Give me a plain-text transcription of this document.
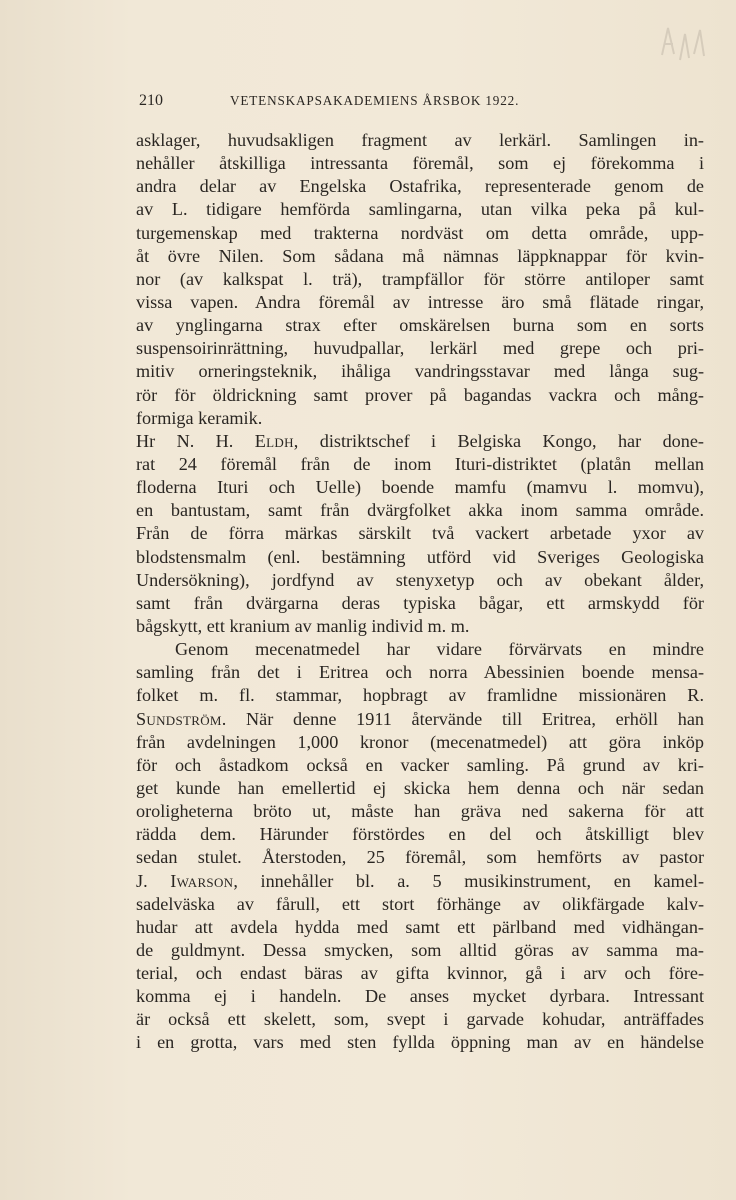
210	VETENSKAPSAKADEMIENS ÅRSBOK 1922.
asklager, huvudsakligen fragment av lerkärl. Samlingen in-
nehåller åtskilliga intressanta föremål, som ej förekomma i
andra delar av Engelska Ostafrika, representerade genom de
av L. tidigare hemförda samlingarna, utan vilka peka på kul-
turgemenskap med trakterna nordväst om detta område, upp-
åt övre Nilen. Som sådana må nämnas läppknappar för kvin-
nor (av kalkspat l. trä), trampfällor för större antiloper samt
vissa vapen. Andra föremål av intresse äro små flätade ringar,
av ynglingarna strax efter omskärelsen burna som en sorts
suspensoirinrättning, huvudpallar, lerkärl med grepe och pri-
mitiv orneringsteknik, ihåliga vandringsstavar med långa sug-
rör för öldrickning samt prover på bagandas vackra och mång-
formiga keramik.
Hr N. H. Eldh, distriktschef i Belgiska Kongo, har done-
rat 24 föremål från de inom Ituri-distriktet (platån mellan
floderna Ituri och Uelle) boende mamfu (mamvu l. momvu),
en bantustam, samt från dvärgfolket akka inom samma område.
Från de förra märkas särskilt två vackert arbetade yxor av
blodstensmalm (enl. bestämning utförd vid Sveriges Geologiska
Undersökning), jordfynd av stenyxetyp och av obekant ålder,
samt från dvärgarna deras typiska bågar, ett armskydd för
bågskytt, ett kranium av manlig individ m. m.
Genom mecenatmedel har vidare förvärvats en mindre
samling från det i Eritrea och norra Abessinien boende mensa-
folket m. fl. stammar, hopbragt av framlidne missionären R.
Sundström. När denne 1911 återvände till Eritrea, erhöll han
från avdelningen 1,000 kronor (mecenatmedel) att göra inköp
för och åstadkom också en vacker samling. På grund av kri-
get kunde han emellertid ej skicka hem denna och när sedan
oroligheterna bröto ut, måste han gräva ned sakerna för att
rädda dem. Härunder förstördes en del och åtskilligt blev
sedan stulet. Återstoden, 25 föremål, som hemförts av pastor
J. Iwarson, innehåller bl. a. 5 musikinstrument, en kamel-
sadelväska av fårull, ett stort förhänge av olikfärgade kalv-
hudar att avdela hydda med samt ett pärlband med vidhängan-
de guldmynt. Dessa smycken, som alltid göras av samma ma-
terial, och endast bäras av gifta kvinnor, gå i arv och före-
komma ej i handeln. De anses mycket dyrbara. Intressant
är också ett skelett, som, svept i garvade kohudar, anträffades
i en grotta, vars med sten fyllda öppning man av en händelse
